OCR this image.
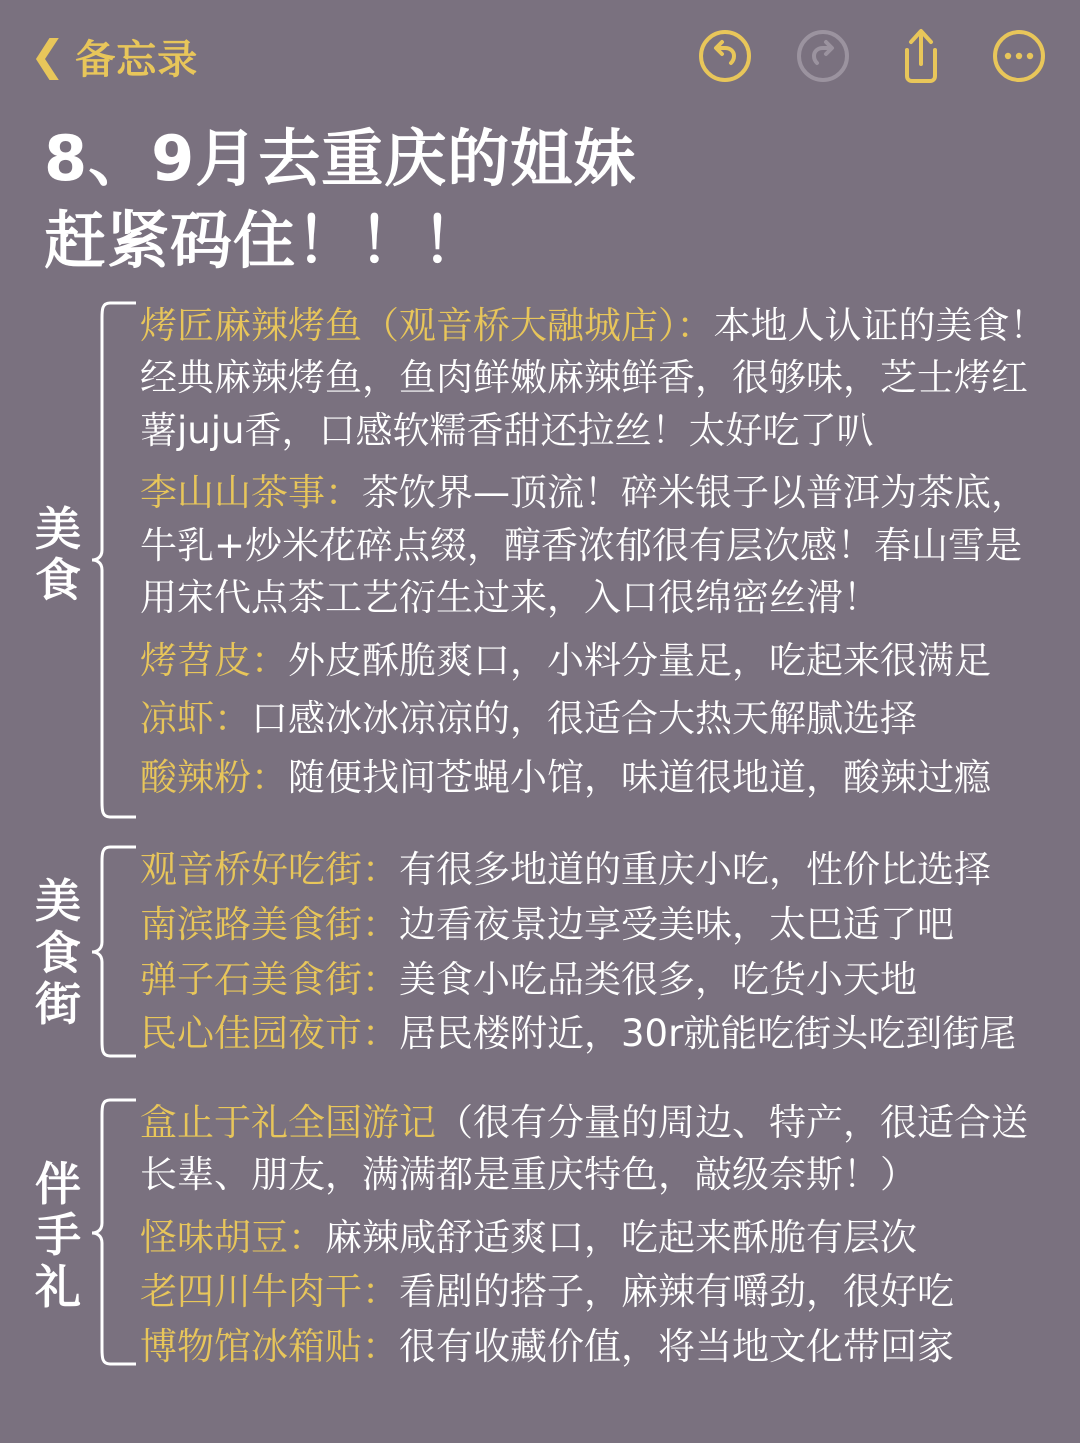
❮ 备忘录
8、9月去重庆的姐妹
赶紧码住！！！
美食
烤匠麻辣烤鱼（观音桥大融城店）：本地人认证的美食！经典麻辣烤鱼，鱼肉鲜嫩麻辣鲜香，很够味，芝士烤红薯juju香，口感软糯香甜还拉丝！太好吃了叭
李山山茶事：茶饮界—顶流！碎米银子以普洱为茶底，牛乳+炒米花碎点缀，醇香浓郁很有层次感！春山雪是用宋代点茶工艺衍生过来，入口很绵密丝滑！
烤苕皮：外皮酥脆爽口，小料分量足，吃起来很满足
凉虾：口感冰冰凉凉的，很适合大热天解腻选择
酸辣粉：随便找间苍蝇小馆，味道很地道，酸辣过瘾
美食街
观音桥好吃街：有很多地道的重庆小吃，性价比选择
南滨路美食街：边看夜景边享受美味，太巴适了吧
弹子石美食街：美食小吃品类很多，吃货小天地
民心佳园夜市：居民楼附近，30r就能吃街头吃到街尾
伴手礼
盒止于礼全国游记（很有分量的周边、特产，很适合送长辈、朋友，满满都是重庆特色，敲级奈斯！）
怪味胡豆：麻辣咸舒适爽口，吃起来酥脆有层次
老四川牛肉干：看剧的搭子，麻辣有嚼劲，很好吃
博物馆冰箱贴：很有收藏价值，将当地文化带回家
